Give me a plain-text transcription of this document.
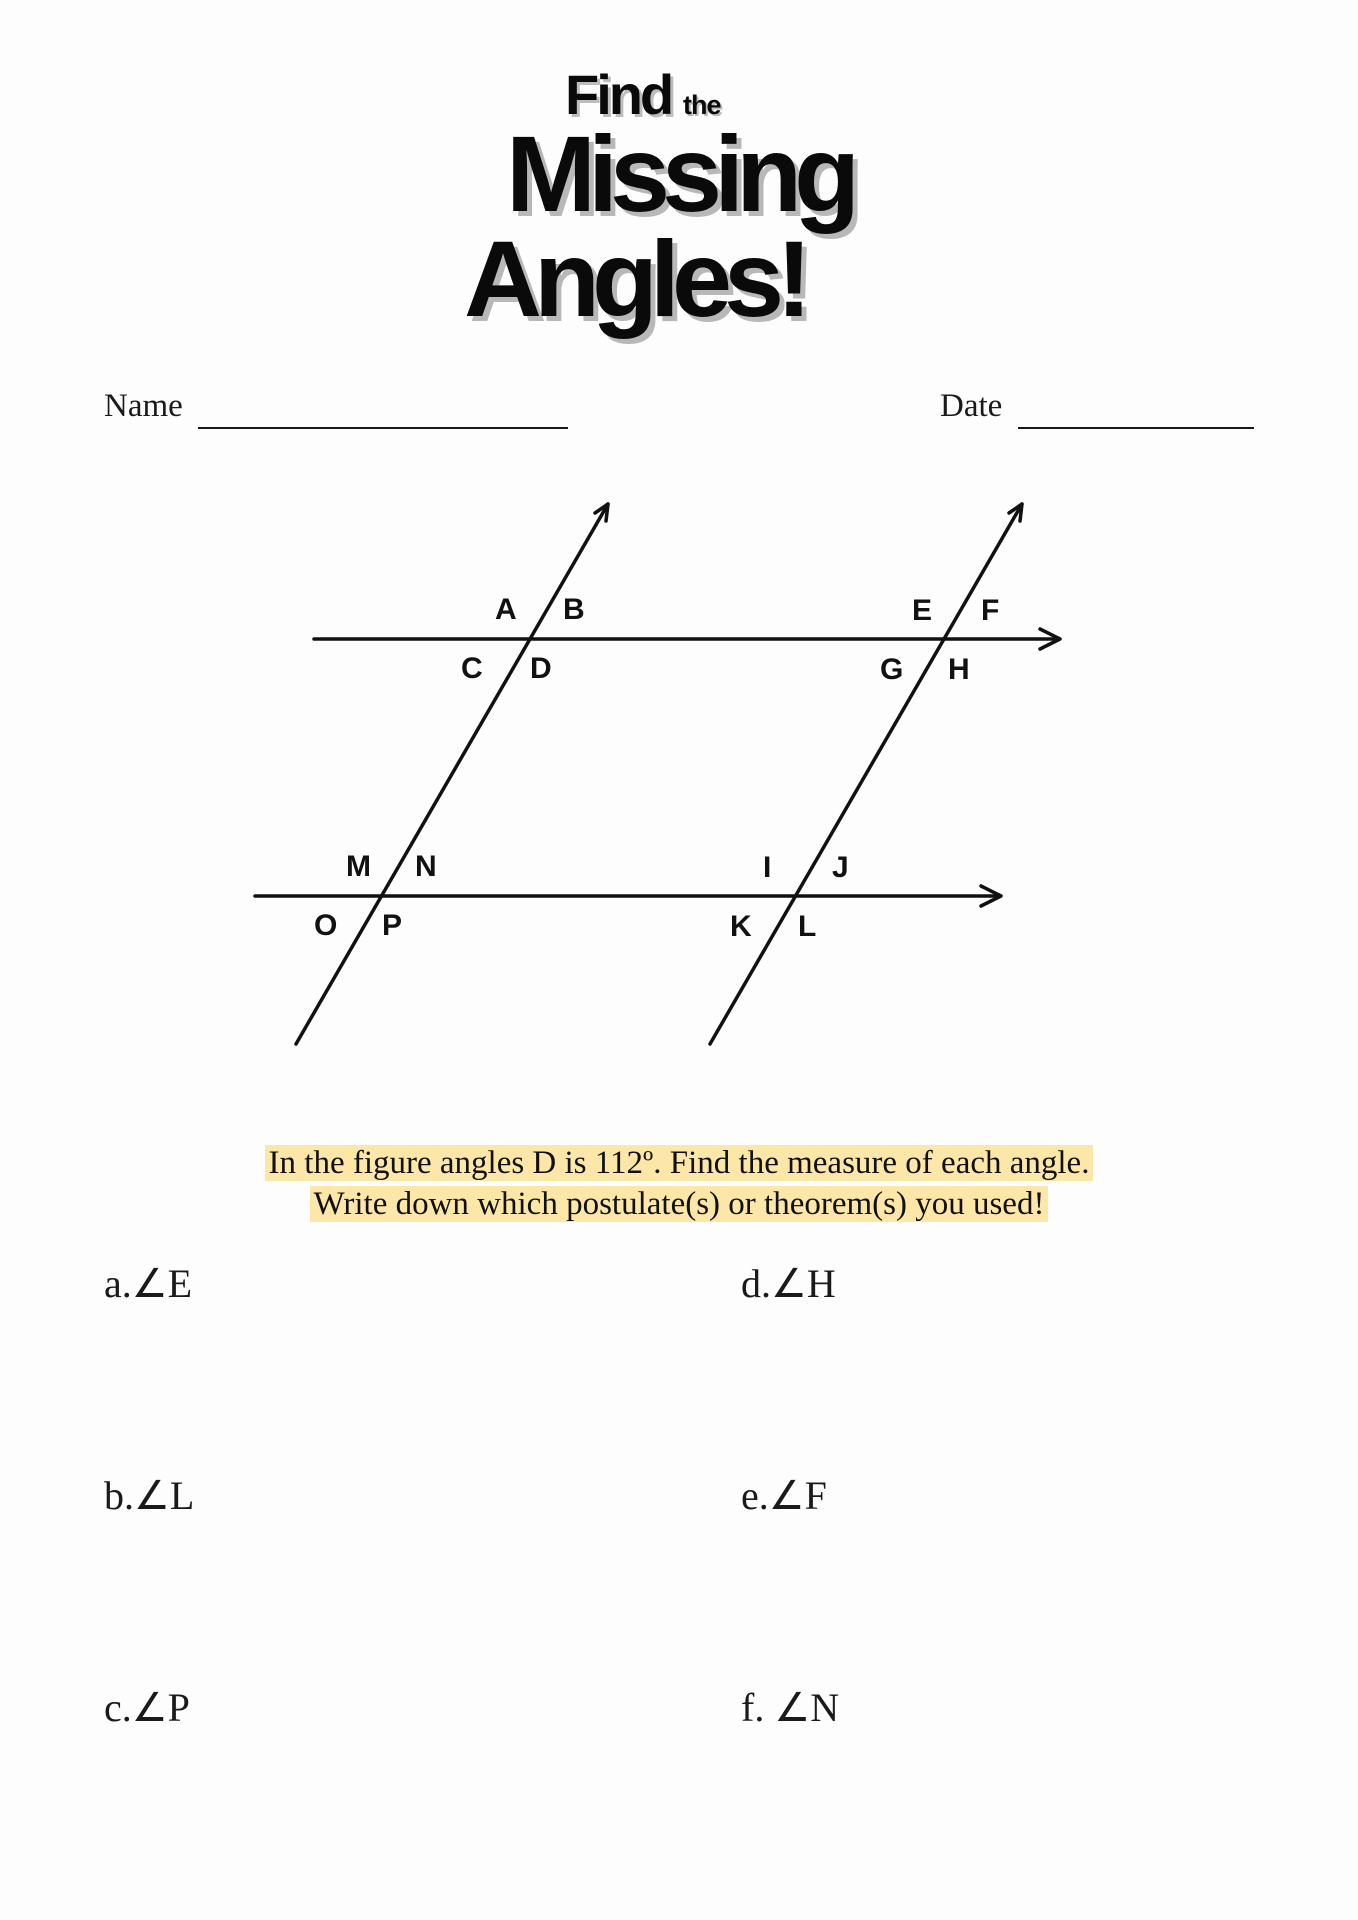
Find the
Missing
Angles!
Name	Date
A B
C D
E F
G H
M N
O P
I J
K L
In the figure angles D is 112º. Find the measure of each angle.
Write down which postulate(s) or theorem(s) you used!
a.∠E
b.∠L
c.∠P
d.∠H
e.∠F
f. ∠N
